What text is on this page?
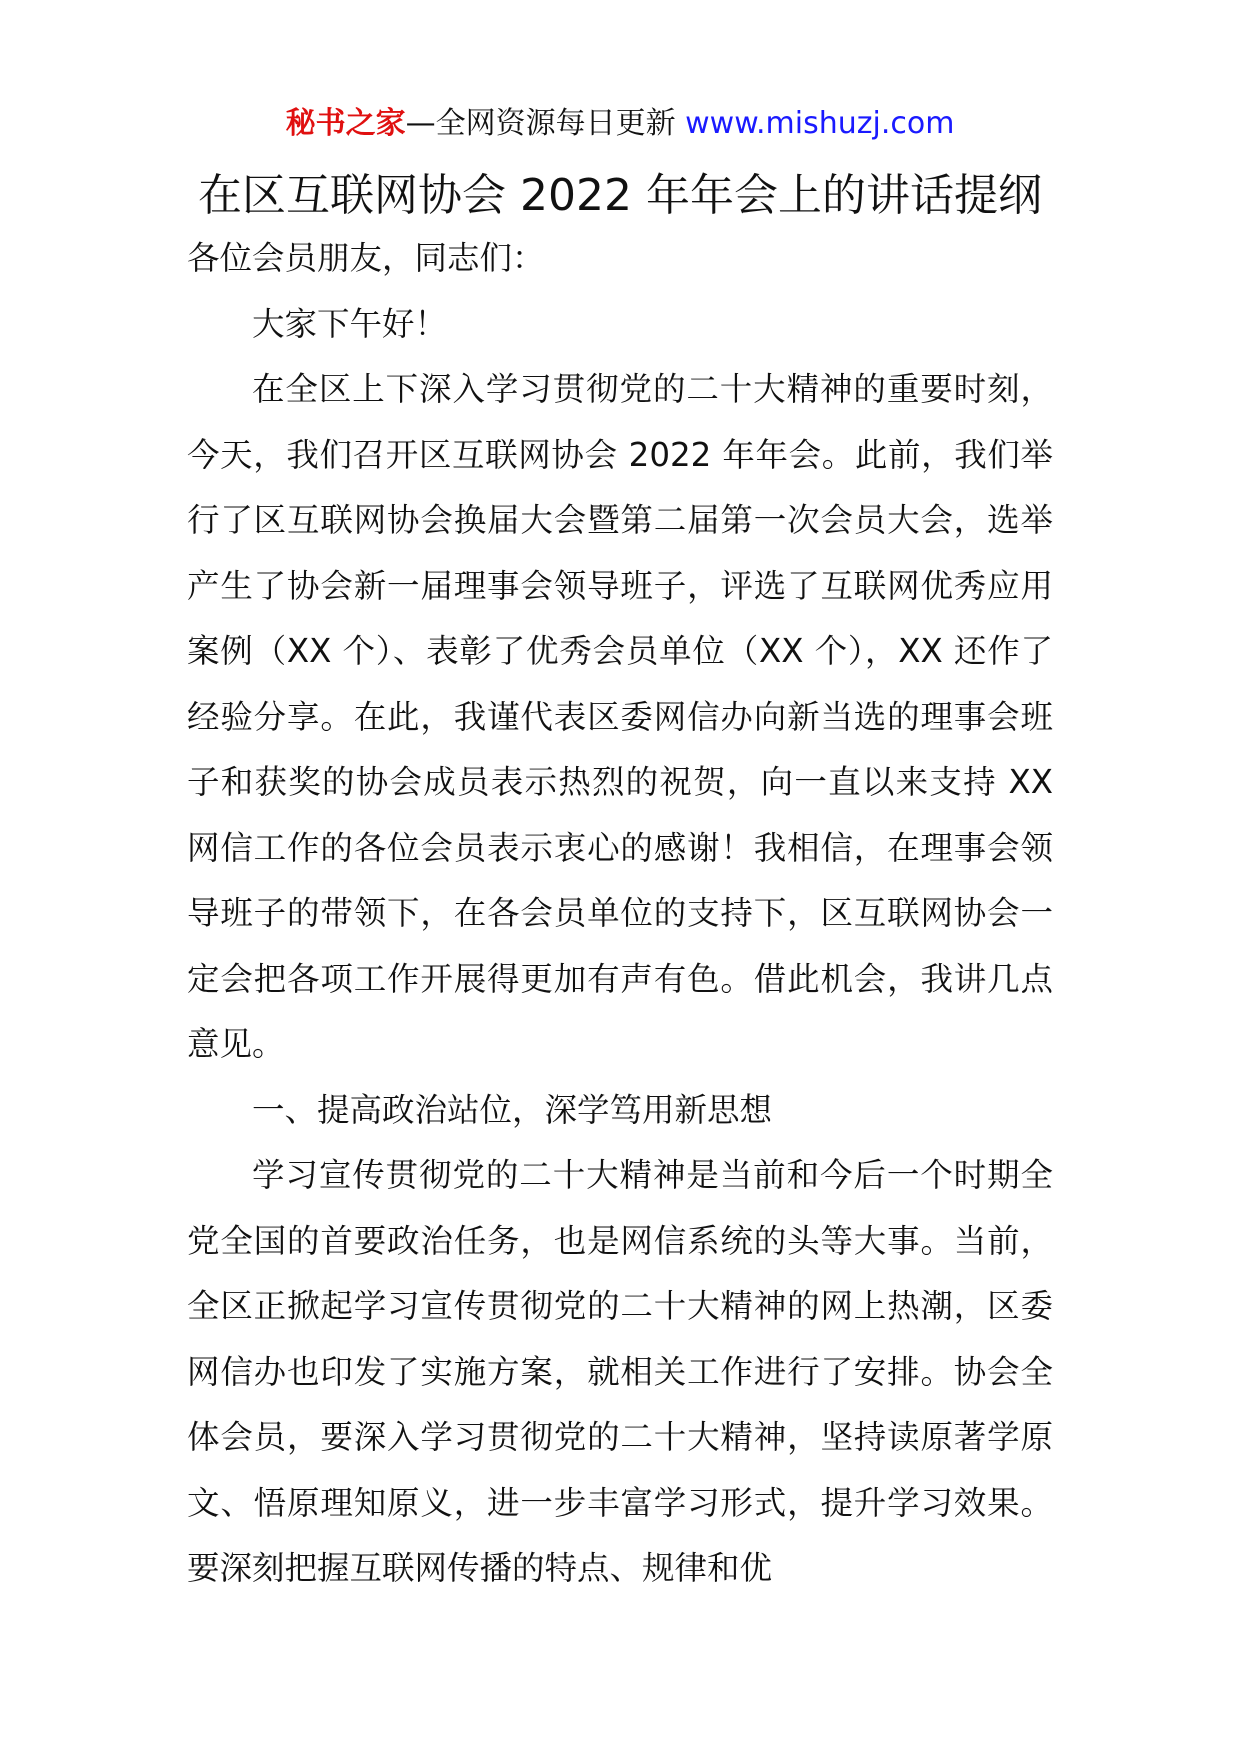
秘书之家—全网资源每日更新 www.mishuzj.com
在区互联网协会 2022 年年会上的讲话提纲

各位会员朋友，同志们：

大家下午好！

在全区上下深入学习贯彻党的二十大精神的重要时刻，今天，我们召开区互联网协会 2022 年年会。此前，我们举行了区互联网协会换届大会暨第二届第一次会员大会，选举产生了协会新一届理事会领导班子，评选了互联网优秀应用案例（XX 个）、表彰了优秀会员单位（XX 个），XX 还作了经验分享。在此，我谨代表区委网信办向新当选的理事会班子和获奖的协会成员表示热烈的祝贺，向一直以来支持 XX 网信工作的各位会员表示衷心的感谢！我相信，在理事会领导班子的带领下，在各会员单位的支持下，区互联网协会一定会把各项工作开展得更加有声有色。借此机会，我讲几点意见。

一、提高政治站位，深学笃用新思想

学习宣传贯彻党的二十大精神是当前和今后一个时期全党全国的首要政治任务，也是网信系统的头等大事。当前，全区正掀起学习宣传贯彻党的二十大精神的网上热潮，区委网信办也印发了实施方案，就相关工作进行了安排。协会全体会员，要深入学习贯彻党的二十大精神，坚持读原著学原文、悟原理知原义，进一步丰富学习形式，提升学习效果。要深刻把握互联网传播的特点、规律和优
